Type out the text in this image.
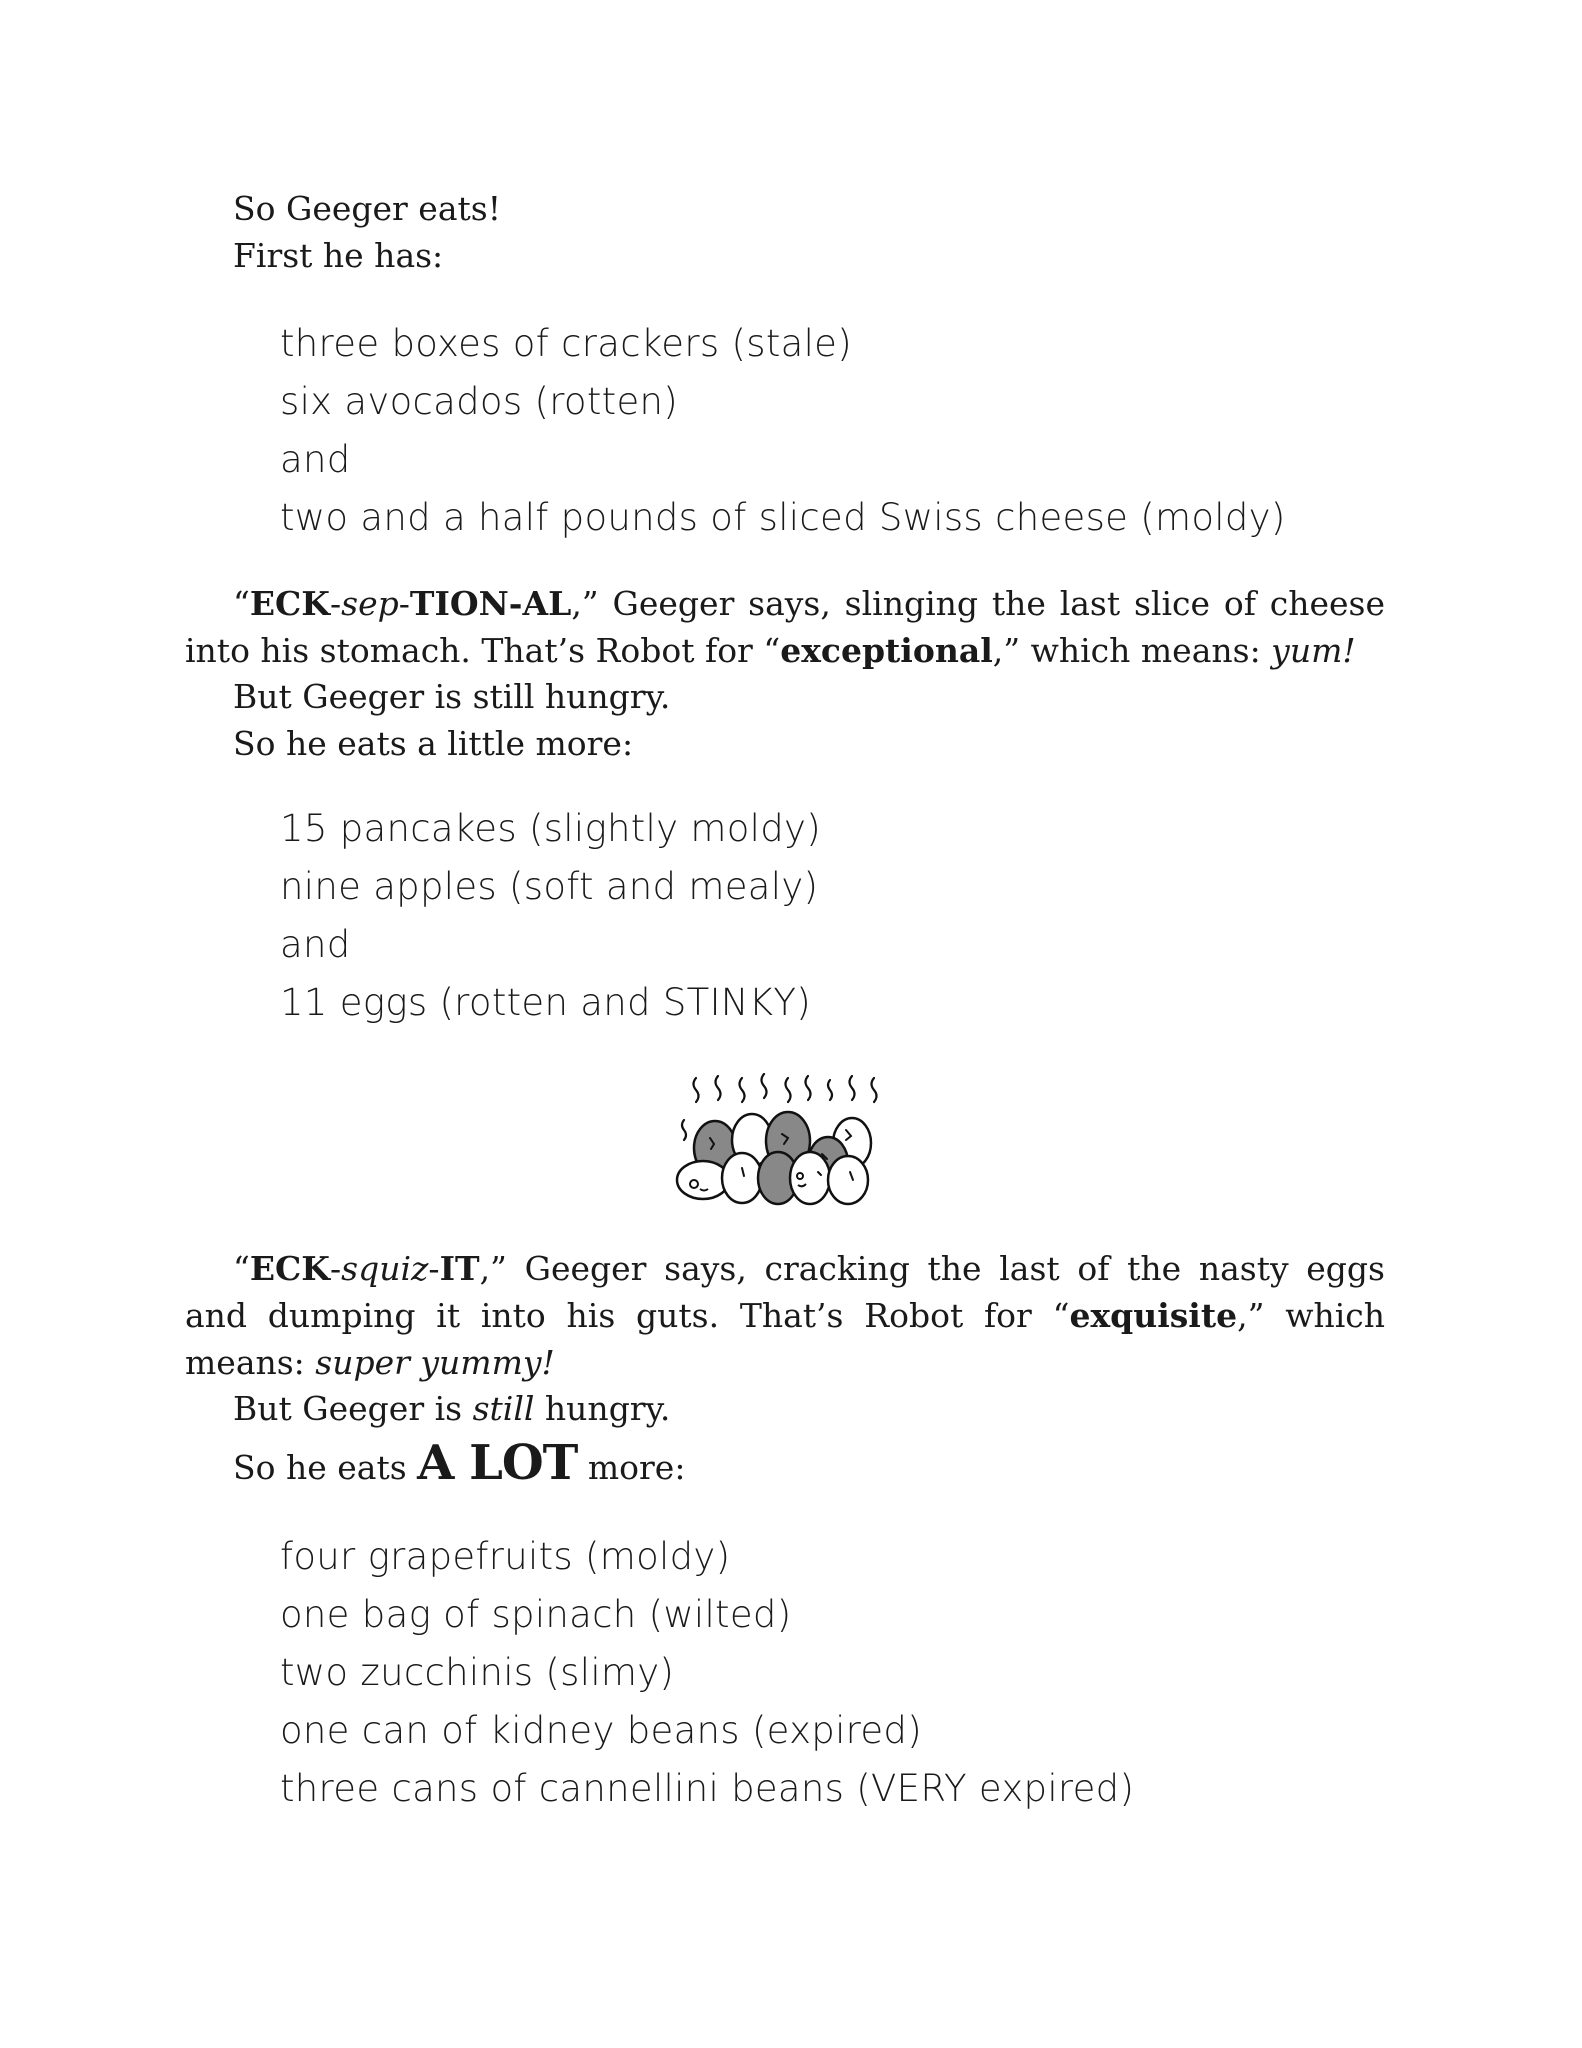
So Geeger eats!

First he has:

three boxes of crackers (stale)
six avocados (rotten)
and
two and a half pounds of sliced Swiss cheese (moldy)

“ECK-sep-TION-AL,” Geeger says, slinging the last slice of cheese into his stomach. That’s Robot for “exceptional,” which means: yum!

But Geeger is still hungry.

So he eats a little more:

15 pancakes (slightly moldy)
nine apples (soft and mealy)
and
11 eggs (rotten and STINKY)

“ECK-squiz-IT,” Geeger says, cracking the last of the nasty eggs and dumping it into his guts. That’s Robot for “exquisite,” which means: super yummy!

But Geeger is still hungry.

So he eats A LOT more:

four grapefruits (moldy)
one bag of spinach (wilted)
two zucchinis (slimy)
one can of kidney beans (expired)
three cans of cannellini beans (VERY expired)
